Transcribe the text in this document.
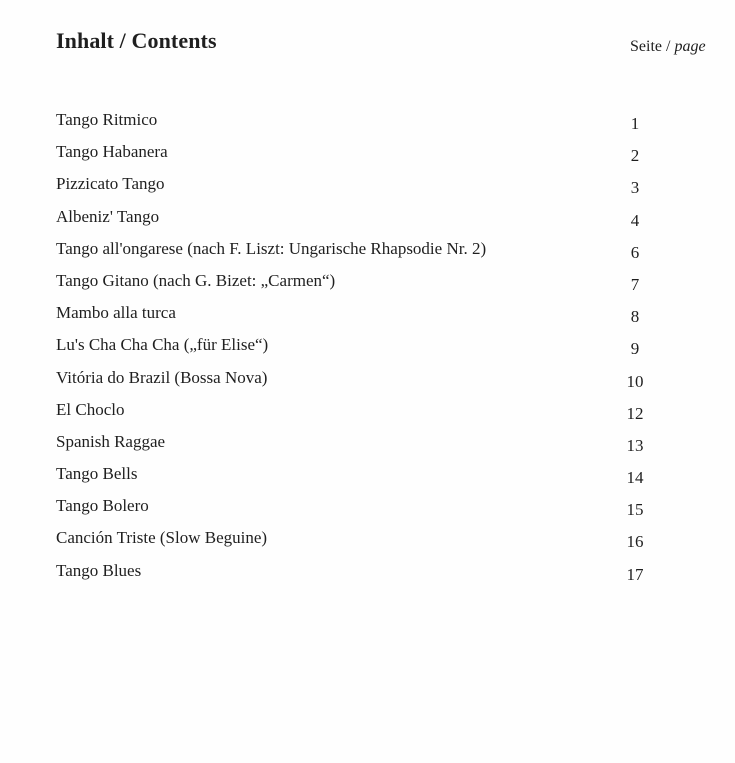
Inhalt / Contents	Seite / page
Tango Ritmico	1
Tango Habanera	2
Pizzicato Tango	3
Albeniz' Tango	4
Tango all'ongarese (nach F. Liszt: Ungarische Rhapsodie Nr. 2)	6
Tango Gitano (nach G. Bizet: „Carmen“)	7
Mambo alla turca	8
Lu's Cha Cha Cha („für Elise“)	9
Vitória do Brazil (Bossa Nova)	10
El Choclo	12
Spanish Raggae	13
Tango Bells	14
Tango Bolero	15
Canción Triste (Slow Beguine)	16
Tango Blues	17
